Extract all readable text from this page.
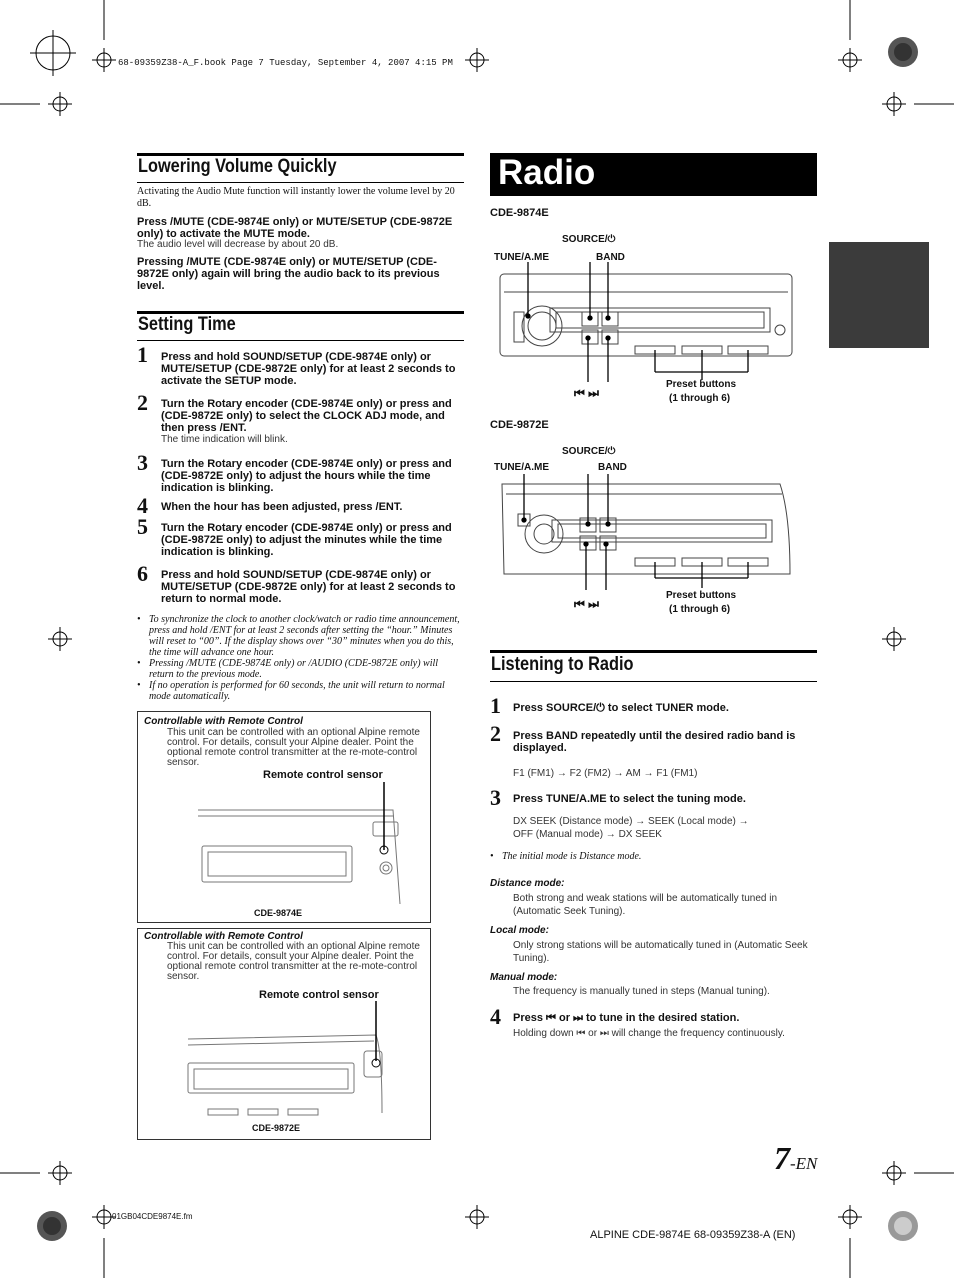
68-09359Z38-A_F.book Page 7 Tuesday, September 4, 2007 4:15 PM
Lowering Volume Quickly
Activating the Audio Mute function will instantly lower the volume level by 20 dB.
Press /MUTE (CDE-9874E only) or MUTE/SETUP (CDE-9872E only) to activate the MUTE mode.
The audio level will decrease by about 20 dB.
Pressing /MUTE (CDE-9874E only) or MUTE/SETUP (CDE-9872E only) again will bring the audio back to its previous level.
Setting Time
1 Press and hold SOUND/SETUP (CDE-9874E only) or MUTE/SETUP (CDE-9872E only) for at least 2 seconds to activate the SETUP mode.
2 Turn the Rotary encoder (CDE-9874E only) or press and (CDE-9872E only) to select the CLOCK ADJ mode, and then press /ENT.
The time indication will blink.
3 Turn the Rotary encoder (CDE-9874E only) or press and (CDE-9872E only) to adjust the hours while the time indication is blinking.
4 When the hour has been adjusted, press /ENT.
5 Turn the Rotary encoder (CDE-9874E only) or press and (CDE-9872E only) to adjust the minutes while the time indication is blinking.
6 Press and hold SOUND/SETUP (CDE-9874E only) or MUTE/SETUP (CDE-9872E only) for at least 2 seconds to return to normal mode.
• To synchronize the clock to another clock/watch or radio time announcement, press and hold /ENT for at least 2 seconds after setting the “hour.” Minutes will reset to “00”. If the display shows over “30” minutes when you do this, the time will advance one hour.
• Pressing /MUTE (CDE-9874E only) or /AUDIO (CDE-9872E only) will return to the previous mode.
• If no operation is performed for 60 seconds, the unit will return to normal mode automatically.
Controllable with Remote Control
This unit can be controlled with an optional Alpine remote control. For details, consult your Alpine dealer. Point the optional remote control transmitter at the re-mote-control sensor.
Remote control sensor
CDE-9874E
Controllable with Remote Control
This unit can be controlled with an optional Alpine remote control. For details, consult your Alpine dealer. Point the optional remote control transmitter at the re-mote-control sensor.
Remote control sensor
CDE-9872E
Radio
CDE-9874E
SOURCE/⏻
TUNE/A.ME	BAND
⏮ ⏭
Preset buttons
(1 through 6)
CDE-9872E
SOURCE/⏻
TUNE/A.ME	BAND
⏮ ⏭
Preset buttons
(1 through 6)
Listening to Radio
1 Press SOURCE/⏻ to select TUNER mode.
2 Press BAND repeatedly until the desired radio band is displayed.
F1 (FM1) → F2 (FM2) → AM → F1 (FM1)
3 Press TUNE/A.ME to select the tuning mode.
DX SEEK (Distance mode) → SEEK (Local mode) →
OFF (Manual mode) → DX SEEK
• The initial mode is Distance mode.
Distance mode:
Both strong and weak stations will be automatically tuned in (Automatic Seek Tuning).
Local mode:
Only strong stations will be automatically tuned in (Automatic Seek Tuning).
Manual mode:
The frequency is manually tuned in steps (Manual tuning).
4 Press ⏮ or ⏭ to tune in the desired station.
Holding down ⏮ or ⏭ will change the frequency continuously.
7-EN
01GB04CDE9874E.fm
ALPINE CDE-9874E 68-09359Z38-A (EN)
